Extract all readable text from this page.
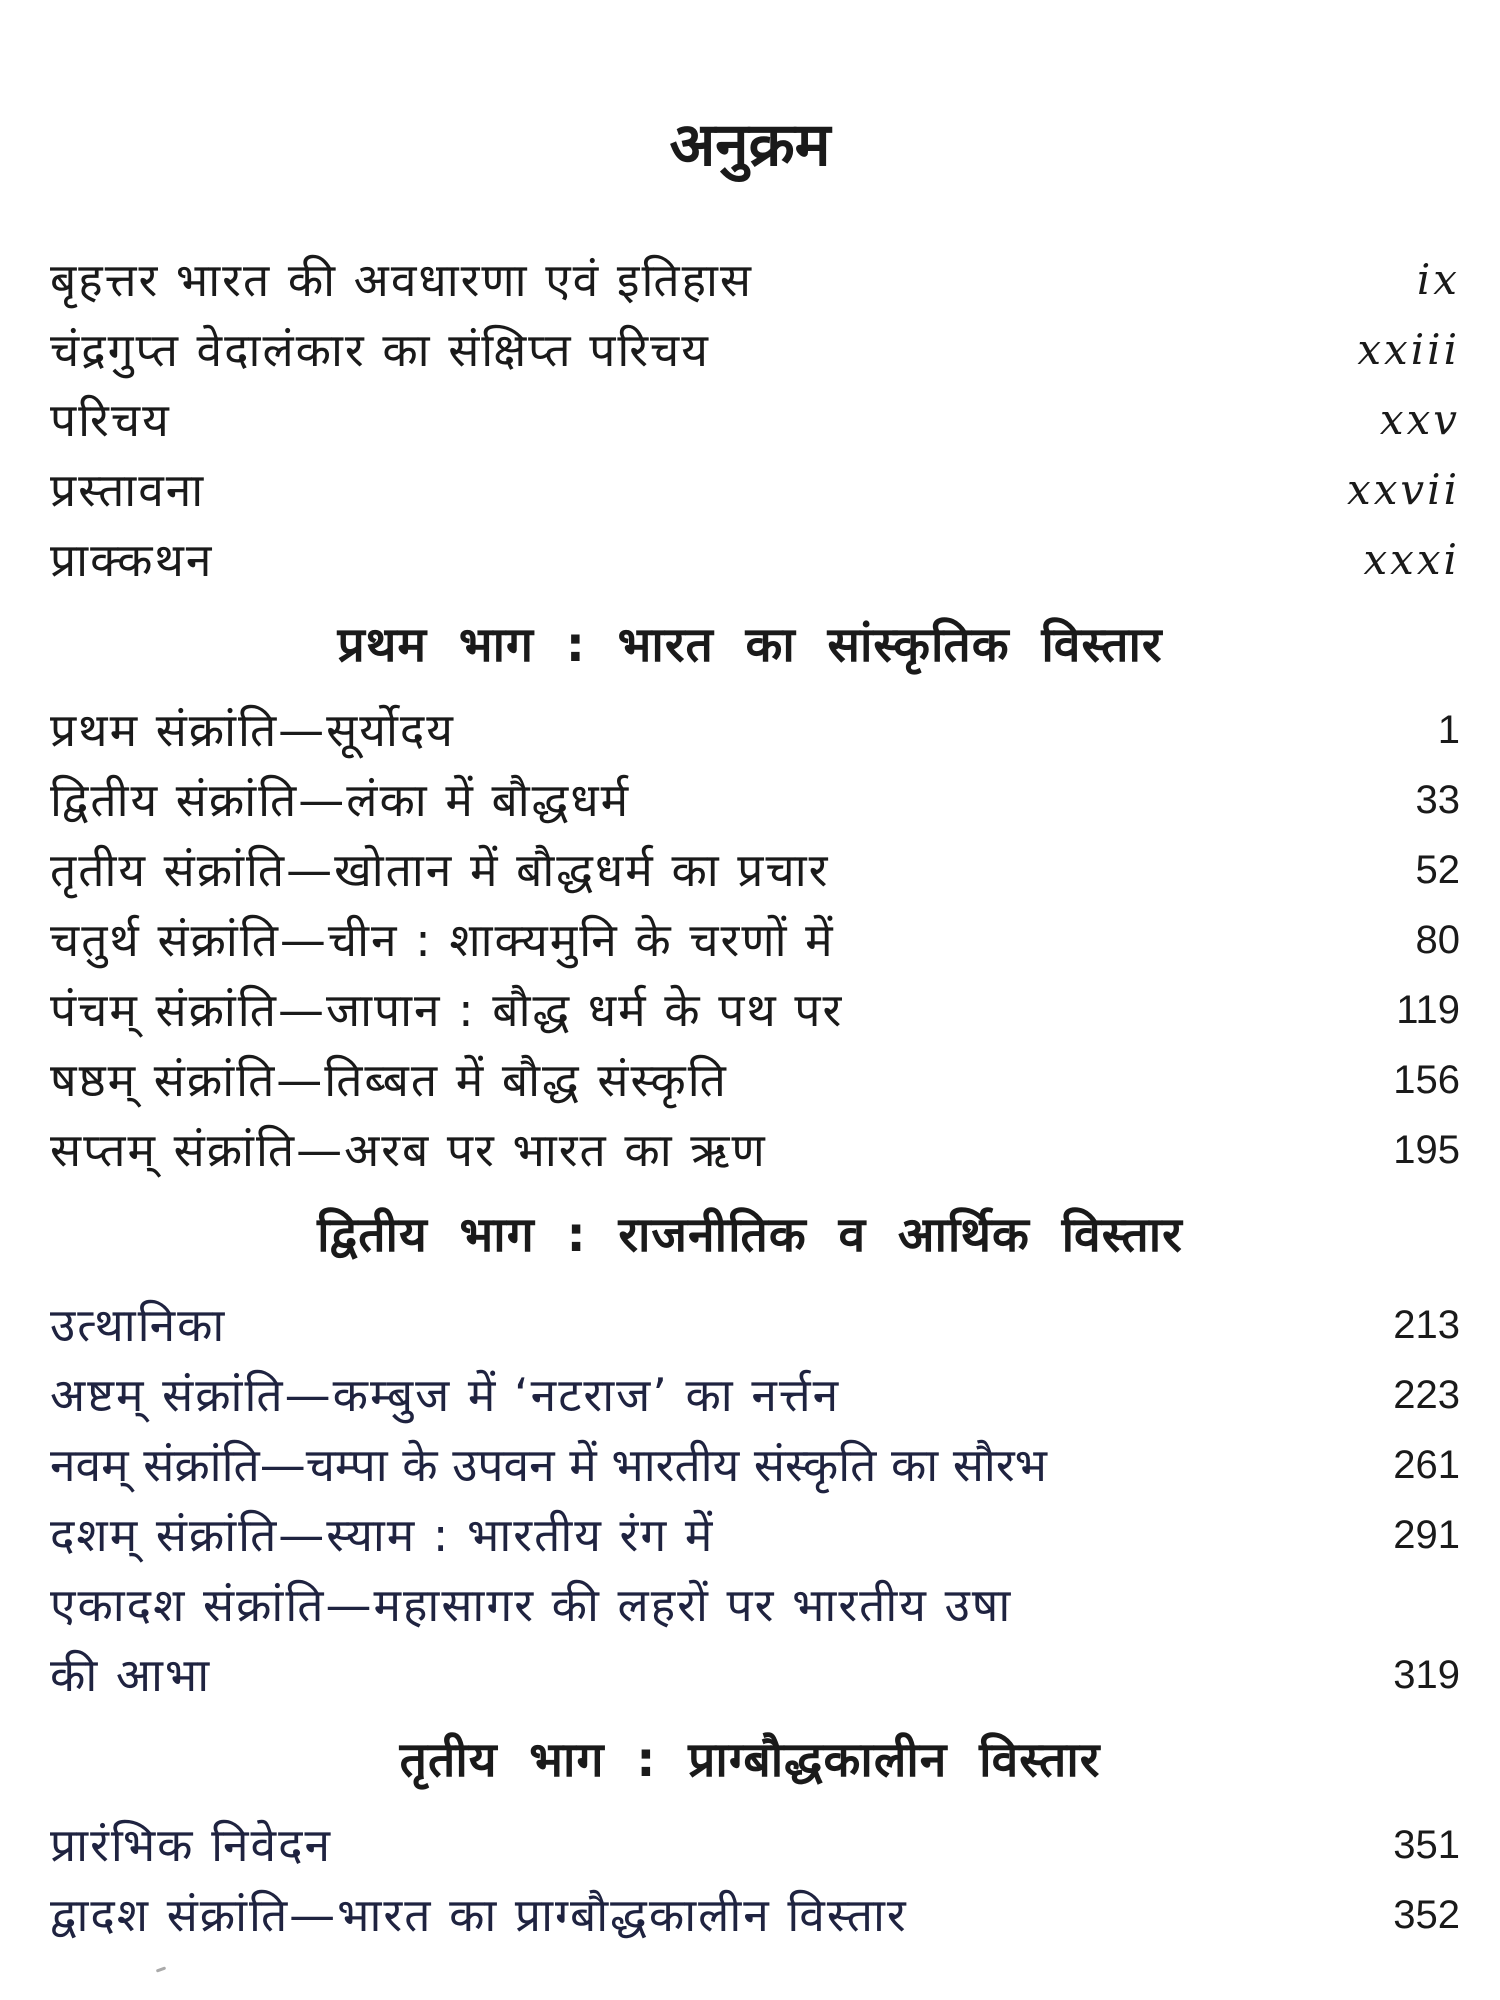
अनुक्रम
बृहत्तर भारत की अवधारणा एवं इतिहास	ix
चंद्रगुप्त वेदालंकार का संक्षिप्त परिचय	xxiii
परिचय	xxv
प्रस्तावना	xxvii
प्राक्कथन	xxxi
प्रथम भाग : भारत का सांस्कृतिक विस्तार
प्रथम संक्रांति—सूर्योदय	1
द्वितीय संक्रांति—लंका में बौद्धधर्म	33
तृतीय संक्रांति—खोतान में बौद्धधर्म का प्रचार	52
चतुर्थ संक्रांति—चीन : शाक्यमुनि के चरणों में	80
पंचम् संक्रांति—जापान : बौद्ध धर्म के पथ पर	119
षष्ठम् संक्रांति—तिब्बत में बौद्ध संस्कृति	156
सप्तम् संक्रांति—अरब पर भारत का ऋण	195
द्वितीय भाग : राजनीतिक व आर्थिक विस्तार
उत्थानिका	213
अष्टम् संक्रांति—कम्बुज में ‘नटराज’ का नर्त्तन	223
नवम् संक्रांति—चम्पा के उपवन में भारतीय संस्कृति का सौरभ	261
दशम् संक्रांति—स्याम : भारतीय रंग में	291
एकादश संक्रांति—महासागर की लहरों पर भारतीय उषा
की आभा	319
तृतीय भाग : प्राग्बौद्धकालीन विस्तार
प्रारंभिक निवेदन	351
द्वादश संक्रांति—भारत का प्राग्बौद्धकालीन विस्तार	352
